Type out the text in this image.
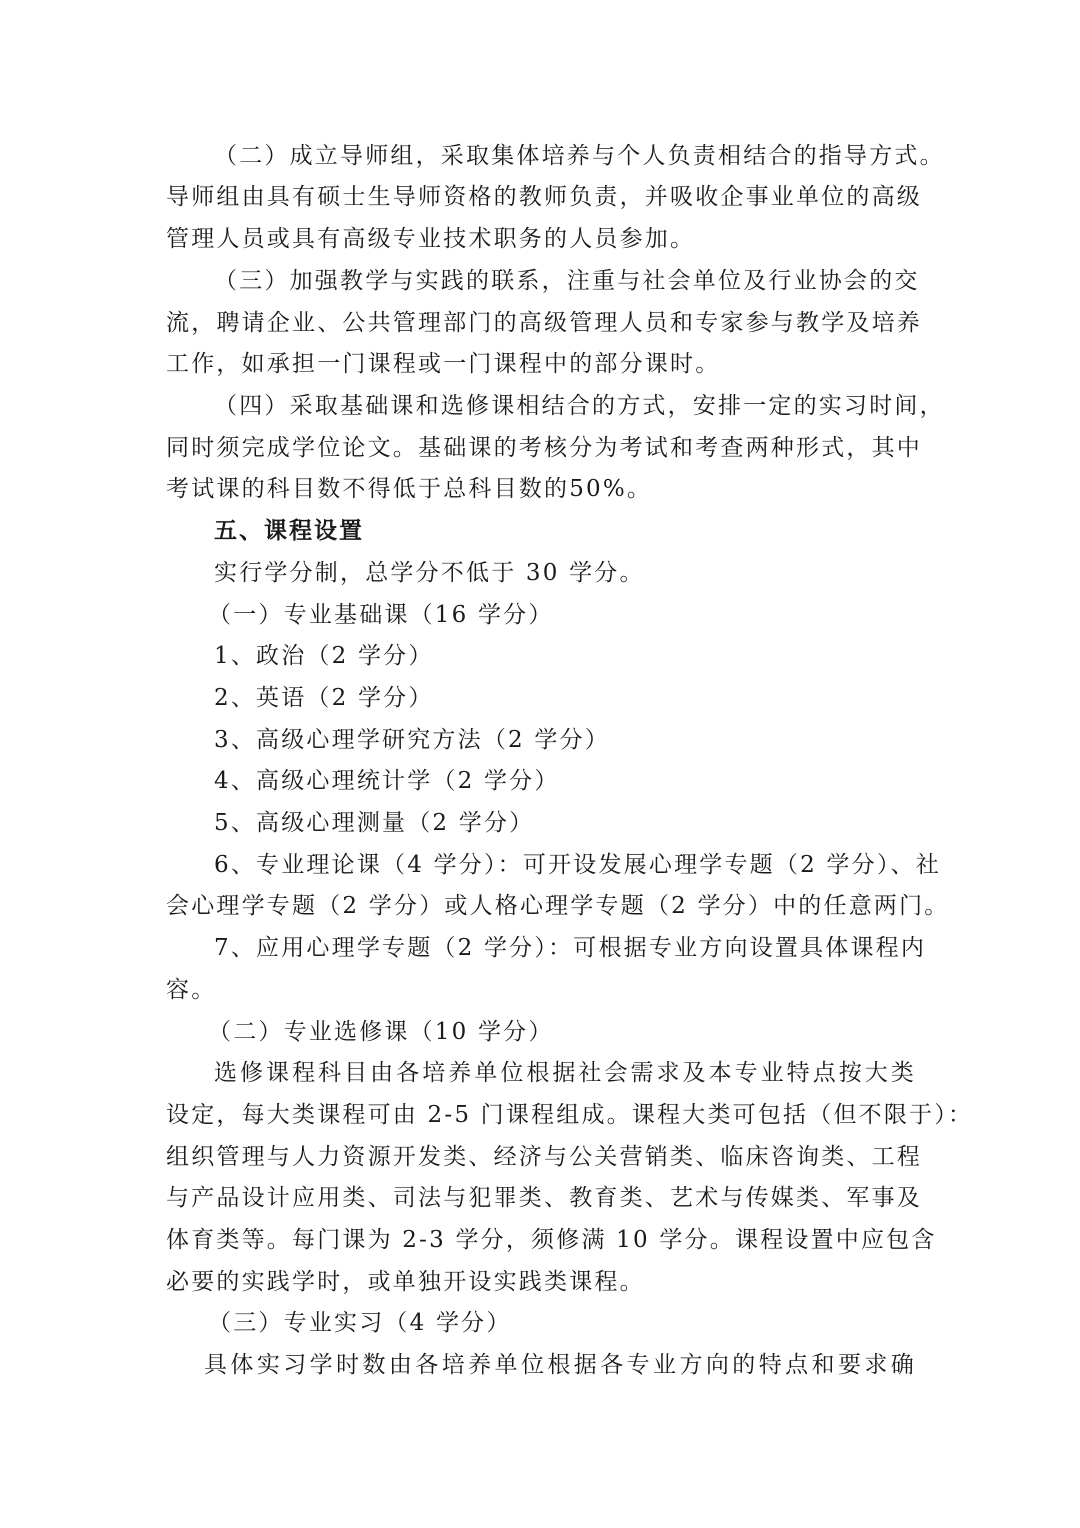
（二）成立导师组，采取集体培养与个人负责相结合的指导方式。
导师组由具有硕士生导师资格的教师负责，并吸收企事业单位的高级
管理人员或具有高级专业技术职务的人员参加。
（三）加强教学与实践的联系，注重与社会单位及行业协会的交
流，聘请企业、公共管理部门的高级管理人员和专家参与教学及培养
工作，如承担一门课程或一门课程中的部分课时。
（四）采取基础课和选修课相结合的方式，安排一定的实习时间，
同时须完成学位论文。基础课的考核分为考试和考查两种形式，其中
考试课的科目数不得低于总科目数的50%。
五、课程设置
实行学分制，总学分不低于 30 学分。
（一）专业基础课（16 学分）
1、政治（2 学分）
2、英语（2 学分）
3、高级心理学研究方法（2 学分）
4、高级心理统计学（2 学分）
5、高级心理测量（2 学分）
6、专业理论课（4 学分）：可开设发展心理学专题（2 学分）、社
会心理学专题（2 学分）或人格心理学专题（2 学分）中的任意两门。
7、应用心理学专题（2 学分）：可根据专业方向设置具体课程内
容。
（二）专业选修课（10 学分）
选修课程科目由各培养单位根据社会需求及本专业特点按大类
设定，每大类课程可由 2-5 门课程组成。课程大类可包括（但不限于）：
组织管理与人力资源开发类、经济与公关营销类、临床咨询类、工程
与产品设计应用类、司法与犯罪类、教育类、艺术与传媒类、军事及
体育类等。每门课为 2-3 学分，须修满 10 学分。课程设置中应包含
必要的实践学时，或单独开设实践类课程。
（三）专业实习（4 学分）
具体实习学时数由各培养单位根据各专业方向的特点和要求确
